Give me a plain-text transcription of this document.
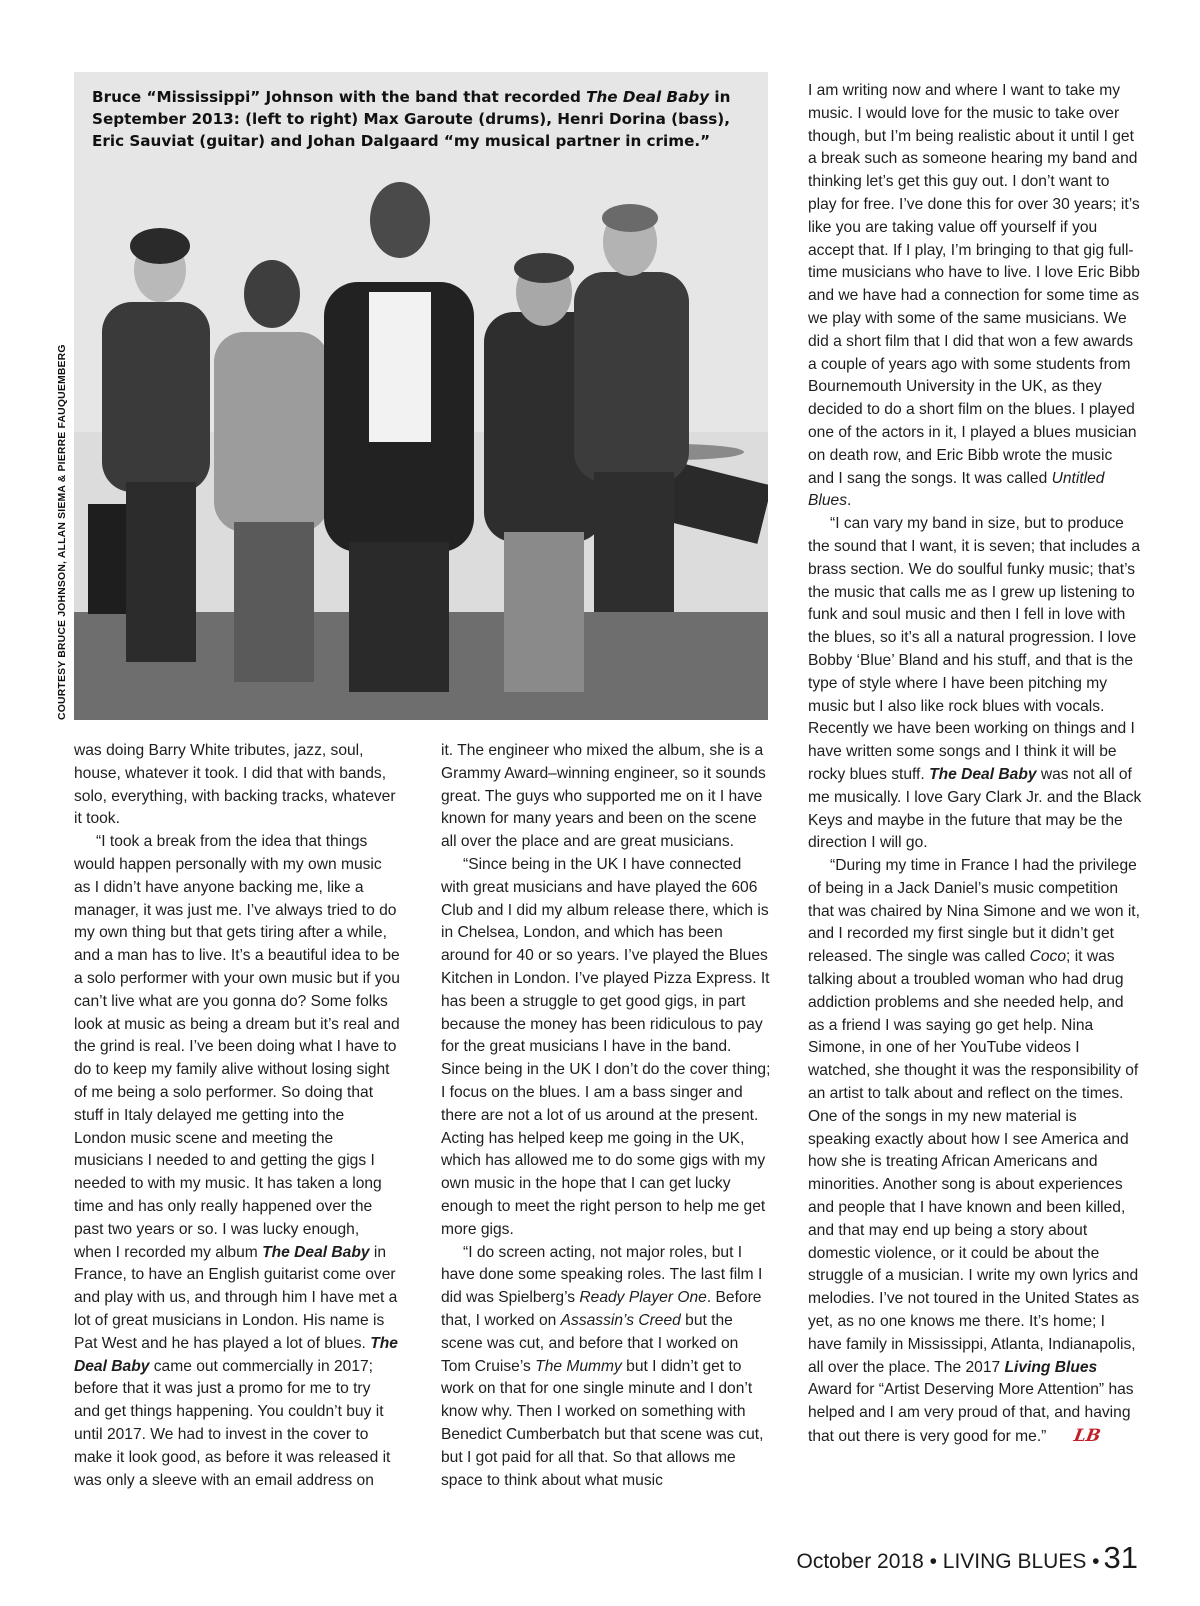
Bruce “Mississippi” Johnson with the band that recorded The Deal Baby in September 2013: (left to right) Max Garoute (drums), Henri Dorina (bass), Eric Sauviat (guitar) and Johan Dalgaard “my musical partner in crime.”
COURTESY BRUCE JOHNSON, ALLAN SIEMA & PIERRE FAUQUEMBERG

was doing Barry White tributes, jazz, soul, house, whatever it took. I did that with bands, solo, everything, with backing tracks, whatever it took.

“I took a break from the idea that things would happen personally with my own music as I didn’t have anyone backing me, like a manager, it was just me. I’ve always tried to do my own thing but that gets tiring after a while, and a man has to live. It’s a beautiful idea to be a solo performer with your own music but if you can’t live what are you gonna do? Some folks look at music as being a dream but it’s real and the grind is real. I’ve been doing what I have to do to keep my family alive without losing sight of me being a solo performer. So doing that stuff in Italy delayed me getting into the London music scene and meeting the musicians I needed to and getting the gigs I needed to with my music. It has taken a long time and has only really happened over the past two years or so. I was lucky enough, when I recorded my album The Deal Baby in France, to have an English guitarist come over and play with us, and through him I have met a lot of great musicians in London. His name is Pat West and he has played a lot of blues. The Deal Baby came out commercially in 2017; before that it was just a promo for me to try and get things happening. You couldn’t buy it until 2017. We had to invest in the cover to make it look good, as before it was released it was only a sleeve with an email address on

it. The engineer who mixed the album, she is a Grammy Award–winning engineer, so it sounds great. The guys who supported me on it I have known for many years and been on the scene all over the place and are great musicians.

“Since being in the UK I have connected with great musicians and have played the 606 Club and I did my album release there, which is in Chelsea, London, and which has been around for 40 or so years. I’ve played the Blues Kitchen in London. I’ve played Pizza Express. It has been a struggle to get good gigs, in part because the money has been ridiculous to pay for the great musicians I have in the band. Since being in the UK I don’t do the cover thing; I focus on the blues. I am a bass singer and there are not a lot of us around at the present. Acting has helped keep me going in the UK, which has allowed me to do some gigs with my own music in the hope that I can get lucky enough to meet the right person to help me get more gigs.

“I do screen acting, not major roles, but I have done some speaking roles. The last film I did was Spielberg’s Ready Player One. Before that, I worked on Assassin’s Creed but the scene was cut, and before that I worked on Tom Cruise’s The Mummy but I didn’t get to work on that for one single minute and I don’t know why. Then I worked on something with Benedict Cumberbatch but that scene was cut, but I got paid for all that. So that allows me space to think about what music

I am writing now and where I want to take my music. I would love for the music to take over though, but I’m being realistic about it until I get a break such as someone hearing my band and thinking let’s get this guy out. I don’t want to play for free. I’ve done this for over 30 years; it’s like you are taking value off yourself if you accept that. If I play, I’m bringing to that gig full-time musicians who have to live. I love Eric Bibb and we have had a connection for some time as we play with some of the same musicians. We did a short film that I did that won a few awards a couple of years ago with some students from Bournemouth University in the UK, as they decided to do a short film on the blues. I played one of the actors in it, I played a blues musician on death row, and Eric Bibb wrote the music and I sang the songs. It was called Untitled Blues.

“I can vary my band in size, but to produce the sound that I want, it is seven; that includes a brass section. We do soulful funky music; that’s the music that calls me as I grew up listening to funk and soul music and then I fell in love with the blues, so it’s all a natural progression. I love Bobby ‘Blue’ Bland and his stuff, and that is the type of style where I have been pitching my music but I also like rock blues with vocals. Recently we have been working on things and I have written some songs and I think it will be rocky blues stuff. The Deal Baby was not all of me musically. I love Gary Clark Jr. and the Black Keys and maybe in the future that may be the direction I will go.

“During my time in France I had the privilege of being in a Jack Daniel’s music competition that was chaired by Nina Simone and we won it, and I recorded my first single but it didn’t get released. The single was called Coco; it was talking about a troubled woman who had drug addiction problems and she needed help, and as a friend I was saying go get help. Nina Simone, in one of her YouTube videos I watched, she thought it was the responsibility of an artist to talk about and reflect on the times. One of the songs in my new material is speaking exactly about how I see America and how she is treating African Americans and minorities. Another song is about experiences and people that I have known and been killed, and that may end up being a story about domestic violence, or it could be about the struggle of a musician. I write my own lyrics and melodies. I’ve not toured in the United States as yet, as no one knows me there. It’s home; I have family in Mississippi, Atlanta, Indianapolis, all over the place. The 2017 Living Blues Award for “Artist Deserving More Attention” has helped and I am very proud of that, and having that out there is very good for me.” LB

October 2018 • LIVING BLUES • 31
